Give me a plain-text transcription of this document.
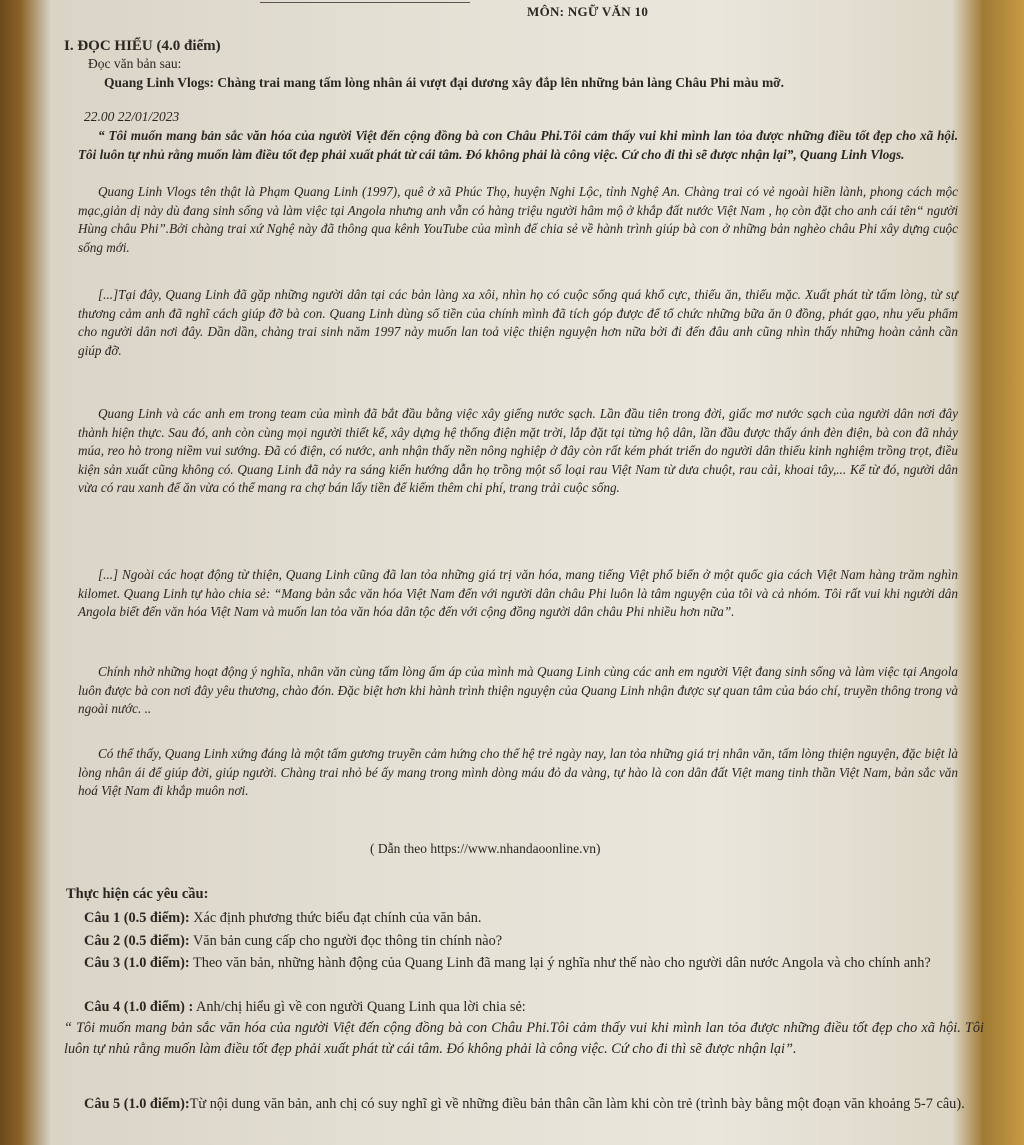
MÔN: NGỮ VĂN 10
I. ĐỌC HIỂU (4.0 điểm)
Đọc văn bản sau:
Quang Linh Vlogs: Chàng trai mang tấm lòng nhân ái vượt đại dương xây đắp lên những bản làng Châu Phi màu mỡ.
22.00 22/01/2023
“ Tôi muốn mang bản sắc văn hóa của người Việt đến cộng đồng bà con Châu Phi.Tôi cảm thấy vui khi mình lan tỏa được những điều tốt đẹp cho xã hội. Tôi luôn tự nhủ rằng muốn làm điều tốt đẹp phải xuất phát từ cái tâm. Đó không phải là công việc. Cứ cho đi thì sẽ được nhận lại”, Quang Linh Vlogs.
Quang Linh Vlogs tên thật là Phạm Quang Linh (1997), quê ở xã Phúc Thọ, huyện Nghi Lộc, tỉnh Nghệ An. Chàng trai có vẻ ngoài hiền lành, phong cách mộc mạc,giản dị này dù đang sinh sống và làm việc tại Angola nhưng anh vẫn có hàng triệu người hâm mộ ở khắp đất nước Việt Nam , họ còn đặt cho anh cái tên“ người Hùng châu Phi”.Bởi chàng trai xứ Nghệ này đã thông qua kênh YouTube của mình để chia sẻ về hành trình giúp bà con ở những bản nghèo châu Phi xây dựng cuộc sống mới.
[...]Tại đây, Quang Linh đã gặp những người dân tại các bản làng xa xôi, nhìn họ có cuộc sống quá khổ cực, thiếu ăn, thiếu mặc. Xuất phát từ tấm lòng, từ sự thương cảm anh đã nghĩ cách giúp đỡ bà con. Quang Linh dùng số tiền của chính mình đã tích góp được để tổ chức những bữa ăn 0 đồng, phát gạo, nhu yếu phẩm cho người dân nơi đây. Dần dần, chàng trai sinh năm 1997 này muốn lan toả việc thiện nguyện hơn nữa bởi đi đến đâu anh cũng nhìn thấy những hoàn cảnh cần giúp đỡ.
Quang Linh và các anh em trong team của mình đã bắt đầu bằng việc xây giếng nước sạch. Lần đầu tiên trong đời, giấc mơ nước sạch của người dân nơi đây thành hiện thực. Sau đó, anh còn cùng mọi người thiết kế, xây dựng hệ thống điện mặt trời, lắp đặt tại từng hộ dân, lần đầu được thấy ánh đèn điện, bà con đã nhảy múa, reo hò trong niềm vui sướng. Đã có điện, có nước, anh nhận thấy nền nông nghiệp ở đây còn rất kém phát triển do người dân thiếu kinh nghiệm trồng trọt, điều kiện sản xuất cũng không có. Quang Linh đã nảy ra sáng kiến hướng dẫn họ trồng một số loại rau Việt Nam từ dưa chuột, rau cải, khoai tây,... Kể từ đó, người dân vừa có rau xanh để ăn vừa có thể mang ra chợ bán lấy tiền để kiếm thêm chi phí, trang trải cuộc sống.
[...] Ngoài các hoạt động từ thiện, Quang Linh cũng đã lan tỏa những giá trị văn hóa, mang tiếng Việt phổ biến ở một quốc gia cách Việt Nam hàng trăm nghìn kilomet. Quang Linh tự hào chia sẻ: “Mang bản sắc văn hóa Việt Nam đến với người dân châu Phi luôn là tâm nguyện của tôi và cả nhóm. Tôi rất vui khi người dân Angola biết đến văn hóa Việt Nam và muốn lan tỏa văn hóa dân tộc đến với cộng đồng người dân châu Phi nhiều hơn nữa”.
Chính nhờ những hoạt động ý nghĩa, nhân văn cùng tấm lòng ấm áp của mình mà Quang Linh cùng các anh em người Việt đang sinh sống và làm việc tại Angola luôn được bà con nơi đây yêu thương, chào đón. Đặc biệt hơn khi hành trình thiện nguyện của Quang Linh nhận được sự quan tâm của báo chí, truyền thông trong và ngoài nước. ..
Có thể thấy, Quang Linh xứng đáng là một tấm gương truyền cảm hứng cho thế hệ trẻ ngày nay, lan tỏa những giá trị nhân văn, tấm lòng thiện nguyện, đặc biệt là lòng nhân ái để giúp đời, giúp người. Chàng trai nhỏ bé ấy mang trong mình dòng máu đỏ da vàng, tự hào là con dân đất Việt mang tinh thần Việt Nam, bản sắc văn hoá Việt Nam đi khắp muôn nơi.
( Dẫn theo https://www.nhandaoonline.vn)
Thực hiện các yêu cầu:
Câu 1 (0.5 điểm): Xác định phương thức biểu đạt chính của văn bản.
Câu 2 (0.5 điểm): Văn bản cung cấp cho người đọc thông tin chính nào?
Câu 3 (1.0 điểm): Theo văn bản, những hành động của Quang Linh đã mang lại ý nghĩa như thế nào cho người dân nước Angola và cho chính anh?
Câu 4 (1.0 điểm) : Anh/chị hiểu gì về con người Quang Linh qua lời chia sẻ:
“ Tôi muốn mang bản sắc văn hóa của người Việt đến cộng đồng bà con Châu Phi.Tôi cảm thấy vui khi mình lan tỏa được những điều tốt đẹp cho xã hội. Tôi luôn tự nhủ rằng muốn làm điều tốt đẹp phải xuất phát từ cái tâm. Đó không phải là công việc. Cứ cho đi thì sẽ được nhận lại”.
Câu 5 (1.0 điểm):Từ nội dung văn bản, anh chị có suy nghĩ gì về những điều bản thân cần làm khi còn trẻ (trình bày bằng một đoạn văn khoảng 5-7 câu).
